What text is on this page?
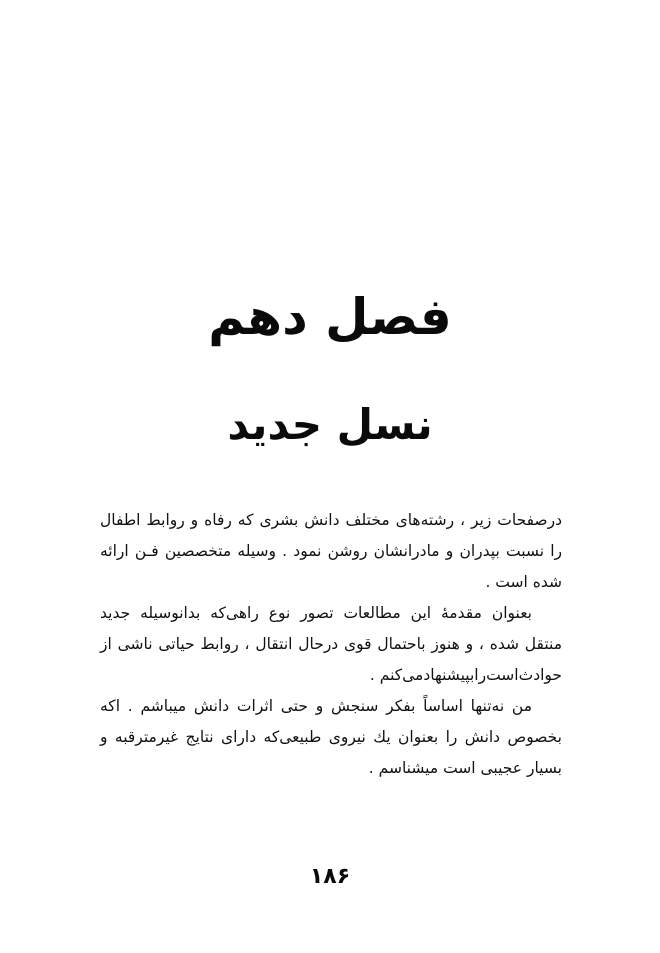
فصل دهم
نسل جدید

درصفحات زیر ، رشته‌های مختلف دانش بشری که رفاه و روابط اطفال را نسبت بپدران و مادرانشان روشن نمود . وسیله متخصصین فـن ارائه شده است .

بعنوان مقدمهٔ این مطالعات تصور نوع راهی‌که بدانوسیله جدید منتقل شده ، و هنوز باحتمال قوی درحال انتقال ، روابط حیاتی ناشی از حوادث‌است‌رابپیشنهادمی‌کنم .

من نه‌تنها اساساً بفکر سنجش و حتی اثرات دانش میباشم . اکه بخصوص دانش را بعنوان یك نیروی طبیعی‌که دارای نتایج غیرمترقبه و بسیار عجیبی است میشناسم .

۱۸۶
